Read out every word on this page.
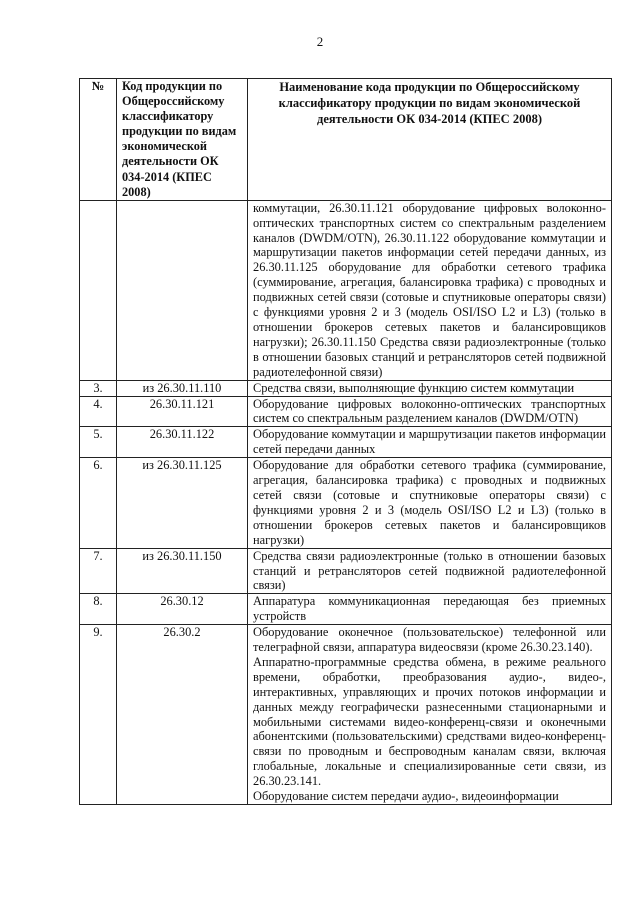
2
№	Код продукции по Общероссийскому классификатору продукции по видам экономической деятельности ОК 034-2014 (КПЕС 2008)	Наименование кода продукции по Общероссийскому классификатору продукции по видам экономической деятельности ОК 034-2014 (КПЕС 2008)

		коммутации, 26.30.11.121 оборудование цифровых волоконно-оптических транспортных систем со спектральным разделением каналов (DWDM/OTN), 26.30.11.122 оборудование коммутации и маршрутизации пакетов информации сетей передачи данных, из 26.30.11.125 оборудование для обработки сетевого трафика (суммирование, агрегация, балансировка трафика) с проводных и подвижных сетей связи (сотовые и спутниковые операторы связи) с функциями уровня 2 и 3 (модель OSI/ISO L2 и L3) (только в отношении брокеров сетевых пакетов и балансировщиков нагрузки); 26.30.11.150 Средства связи радиоэлектронные (только в отношении базовых станций и ретрансляторов сетей подвижной радиотелефонной связи)

3.	из 26.30.11.110	Средства связи, выполняющие функцию систем коммутации

4.	26.30.11.121	Оборудование цифровых волоконно-оптических транспортных систем со спектральным разделением каналов (DWDM/OTN)

5.	26.30.11.122	Оборудование коммутации и маршрутизации пакетов информации сетей передачи данных

6.	из 26.30.11.125	Оборудование для обработки сетевого трафика (суммирование, агрегация, балансировка трафика) с проводных и подвижных сетей связи (сотовые и спутниковые операторы связи) с функциями уровня 2 и 3 (модель OSI/ISO L2 и L3) (только в отношении брокеров сетевых пакетов и балансировщиков нагрузки)

7.	из 26.30.11.150	Средства связи радиоэлектронные (только в отношении базовых станций и ретрансляторов сетей подвижной радиотелефонной связи)

8.	26.30.12	Аппаратура коммуникационная передающая без приемных устройств

9.	26.30.2	Оборудование оконечное (пользовательское) телефонной или телеграфной связи, аппаратура видеосвязи (кроме 26.30.23.140).

Аппаратно-программные средства обмена, в режиме реального времени, обработки, преобразования аудио-, видео-, интерактивных, управляющих и прочих потоков информации и данных между географически разнесенными стационарными и мобильными системами видео-конференц-связи и оконечными абонентскими (пользовательскими) средствами видео-конференц-связи по проводным и беспроводным каналам связи, включая глобальные, локальные и специализированные сети связи, из 26.30.23.141.

Оборудование систем передачи аудио-, видеоинформации
